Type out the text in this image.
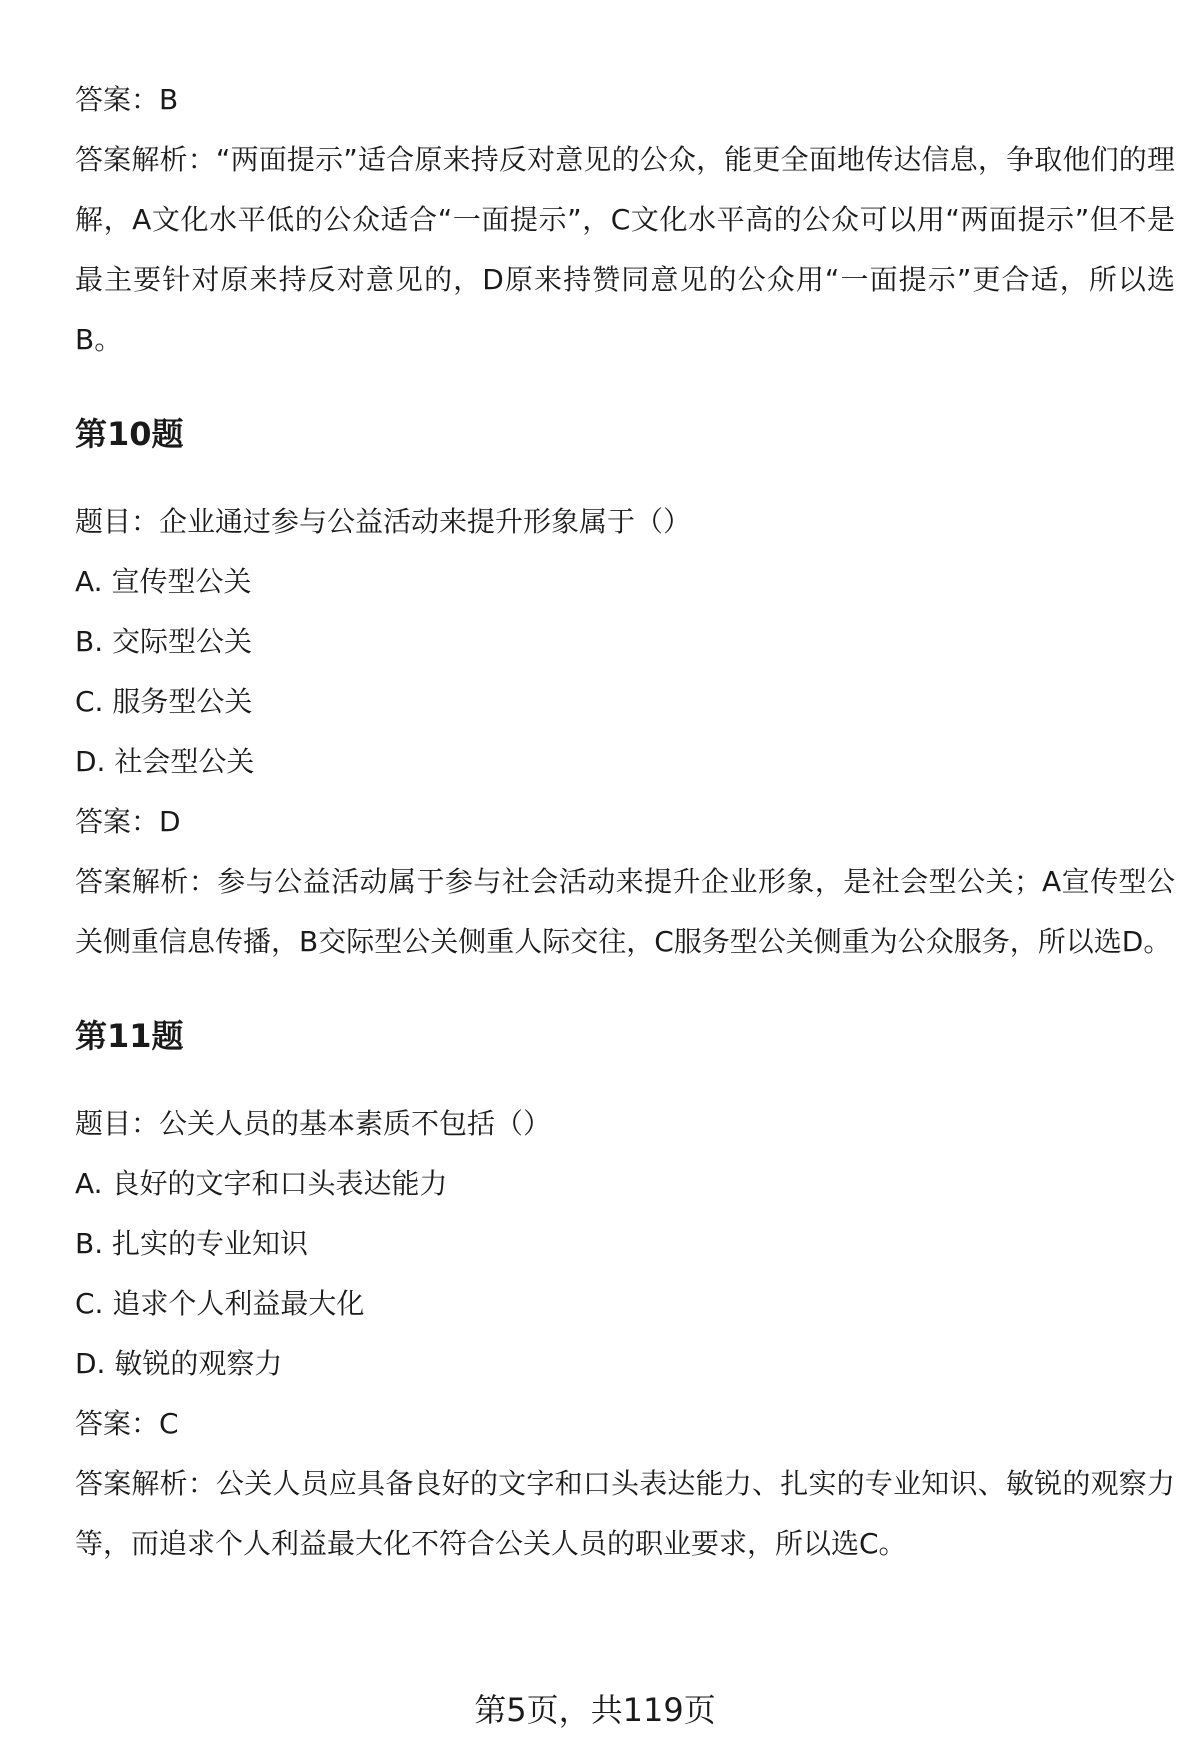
答案：B

答案解析：“两面提示”适合原来持反对意见的公众，能更全面地传达信息，争取他们的理解，A文化水平低的公众适合“一面提示”，C文化水平高的公众可以用“两面提示”但不是最主要针对原来持反对意见的，D原来持赞同意见的公众用“一面提示”更合适，所以选B。

第10题

题目：企业通过参与公益活动来提升形象属于（）

A. 宣传型公关

B. 交际型公关

C. 服务型公关

D. 社会型公关

答案：D

答案解析：参与公益活动属于参与社会活动来提升企业形象，是社会型公关；A宣传型公关侧重信息传播，B交际型公关侧重人际交往，C服务型公关侧重为公众服务，所以选D。

第11题

题目：公关人员的基本素质不包括（）

A. 良好的文字和口头表达能力

B. 扎实的专业知识

C. 追求个人利益最大化

D. 敏锐的观察力

答案：C

答案解析：公关人员应具备良好的文字和口头表达能力、扎实的专业知识、敏锐的观察力等，而追求个人利益最大化不符合公关人员的职业要求，所以选C。

第5页，共119页
